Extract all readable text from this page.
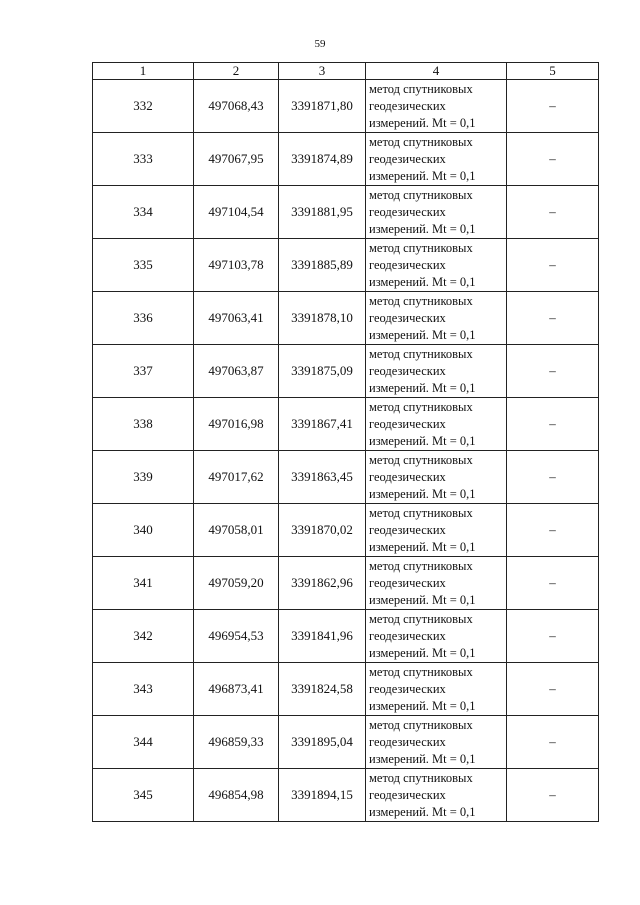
59
1	2	3	4	5
332	497068,43	3391871,80	метод спутниковых
геодезических
измерений. Mt = 0,1	–
333	497067,95	3391874,89	метод спутниковых
геодезических
измерений. Mt = 0,1	–
334	497104,54	3391881,95	метод спутниковых
геодезических
измерений. Mt = 0,1	–
335	497103,78	3391885,89	метод спутниковых
геодезических
измерений. Mt = 0,1	–
336	497063,41	3391878,10	метод спутниковых
геодезических
измерений. Mt = 0,1	–
337	497063,87	3391875,09	метод спутниковых
геодезических
измерений. Mt = 0,1	–
338	497016,98	3391867,41	метод спутниковых
геодезических
измерений. Mt = 0,1	–
339	497017,62	3391863,45	метод спутниковых
геодезических
измерений. Mt = 0,1	–
340	497058,01	3391870,02	метод спутниковых
геодезических
измерений. Mt = 0,1	–
341	497059,20	3391862,96	метод спутниковых
геодезических
измерений. Mt = 0,1	–
342	496954,53	3391841,96	метод спутниковых
геодезических
измерений. Mt = 0,1	–
343	496873,41	3391824,58	метод спутниковых
геодезических
измерений. Mt = 0,1	–
344	496859,33	3391895,04	метод спутниковых
геодезических
измерений. Mt = 0,1	–
345	496854,98	3391894,15	метод спутниковых
геодезических
измерений. Mt = 0,1	–
